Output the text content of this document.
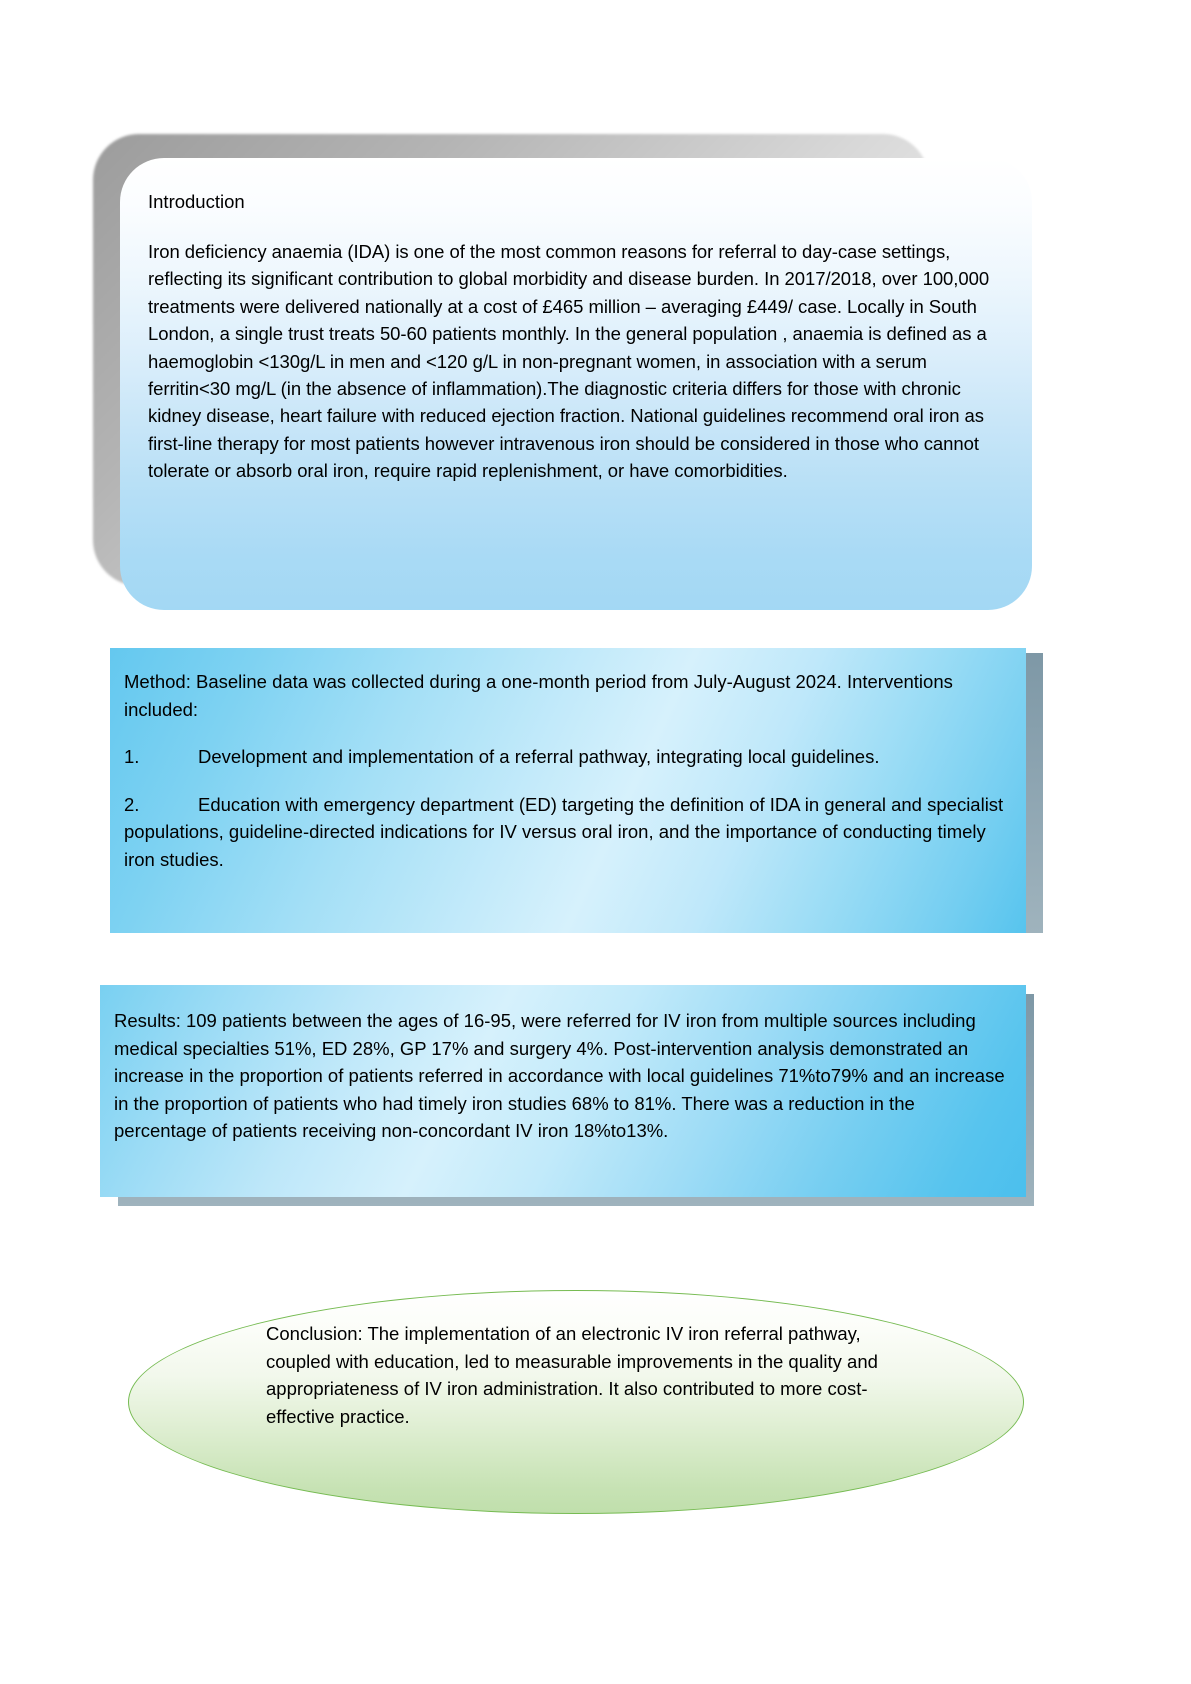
Introduction

Iron deficiency anaemia (IDA) is one of the most common reasons for referral to day-case settings, reflecting its significant contribution to global morbidity and disease burden. In 2017/2018, over 100,000 treatments were delivered nationally at a cost of £465 million – averaging £449/ case. Locally in South London, a single trust treats 50-60 patients monthly. In the general population , anaemia is defined as a haemoglobin <130g/L in men and <120 g/L in non-pregnant women, in association with a serum ferritin<30 mg/L (in the absence of inflammation).The diagnostic criteria differs for those with chronic kidney disease, heart failure with reduced ejection fraction. National guidelines recommend oral iron as first-line therapy for most patients however intravenous iron should be considered in those who cannot tolerate or absorb oral iron, require rapid replenishment, or have comorbidities.

Method: Baseline data was collected during a one-month period from July-August 2024. Interventions included:

1.	Development and implementation of a referral pathway, integrating local guidelines.

2.	Education with emergency department (ED) targeting the definition of IDA in general and specialist populations, guideline-directed indications for IV versus oral iron, and the importance of conducting timely iron studies.

Results: 109 patients between the ages of 16-95, were referred for IV iron from multiple sources including medical specialties 51%, ED 28%, GP 17% and surgery 4%. Post-intervention analysis demonstrated an increase in the proportion of patients referred in accordance with local guidelines 71%to79% and an increase in the proportion of patients who had timely iron studies 68% to 81%. There was a reduction in the percentage of patients receiving non-concordant IV iron 18%to13%.

Conclusion: The implementation of an electronic IV iron referral pathway, coupled with education, led to measurable improvements in the quality and appropriateness of IV iron administration. It also contributed to more cost-effective practice.
